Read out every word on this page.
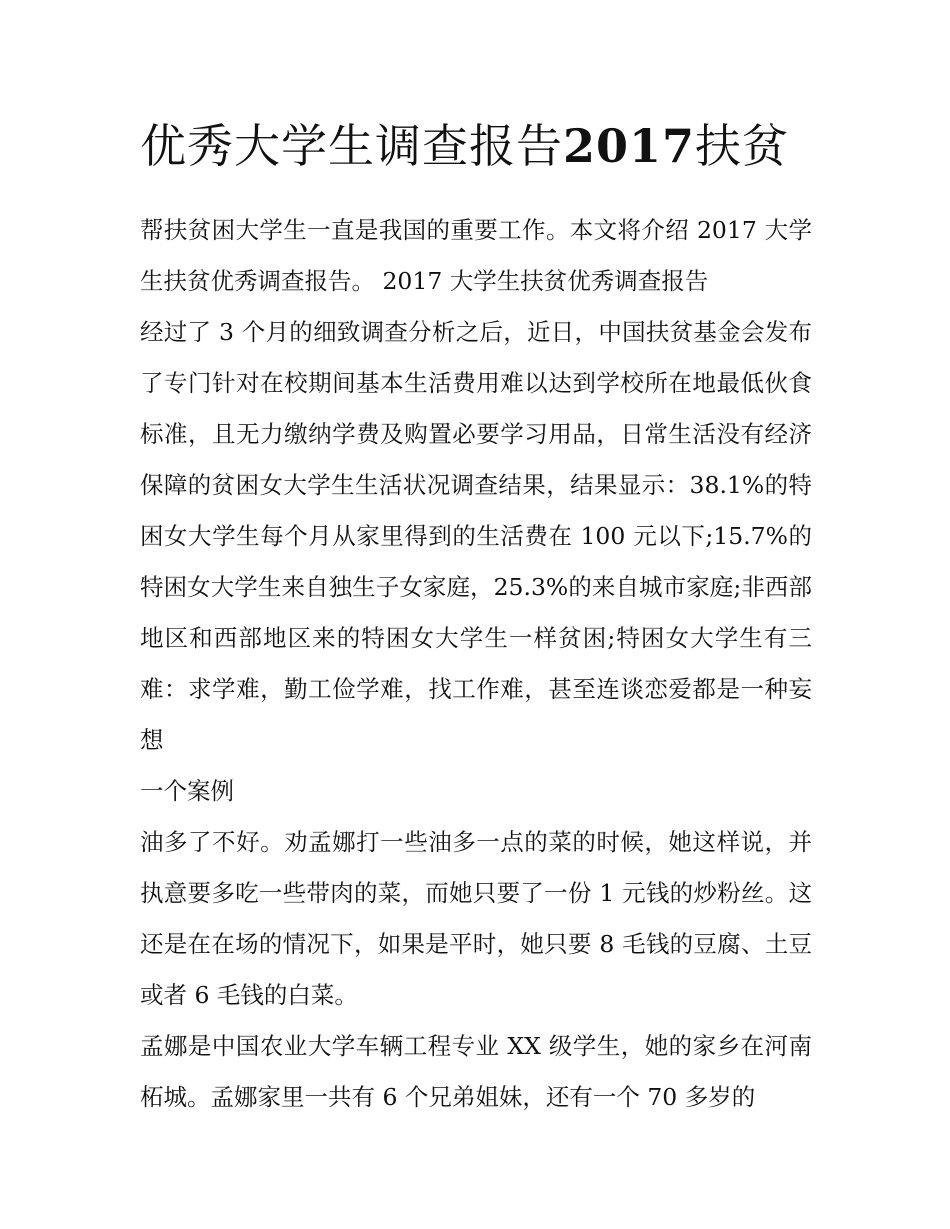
优秀大学生调查报告2017扶贫

帮扶贫困大学生一直是我国的重要工作。本文将介绍 2017 大学生扶贫优秀调查报告。 2017 大学生扶贫优秀调查报告

经过了 3 个月的细致调查分析之后，近日，中国扶贫基金会发布了专门针对在校期间基本生活费用难以达到学校所在地最低伙食标准，且无力缴纳学费及购置必要学习用品，日常生活没有经济保障的贫困女大学生生活状况调查结果，结果显示：38.1%的特困女大学生每个月从家里得到的生活费在 100 元以下;15.7%的特困女大学生来自独生子女家庭，25.3%的来自城市家庭;非西部地区和西部地区来的特困女大学生一样贫困;特困女大学生有三难：求学难，勤工俭学难，找工作难，甚至连谈恋爱都是一种妄想

一个案例

油多了不好。劝孟娜打一些油多一点的菜的时候，她这样说，并执意要多吃一些带肉的菜，而她只要了一份 1 元钱的炒粉丝。这还是在在场的情况下，如果是平时，她只要 8 毛钱的豆腐、土豆或者 6 毛钱的白菜。

孟娜是中国农业大学车辆工程专业 XX 级学生，她的家乡在河南柘城。孟娜家里一共有 6 个兄弟姐妹，还有一个 70 多岁的
